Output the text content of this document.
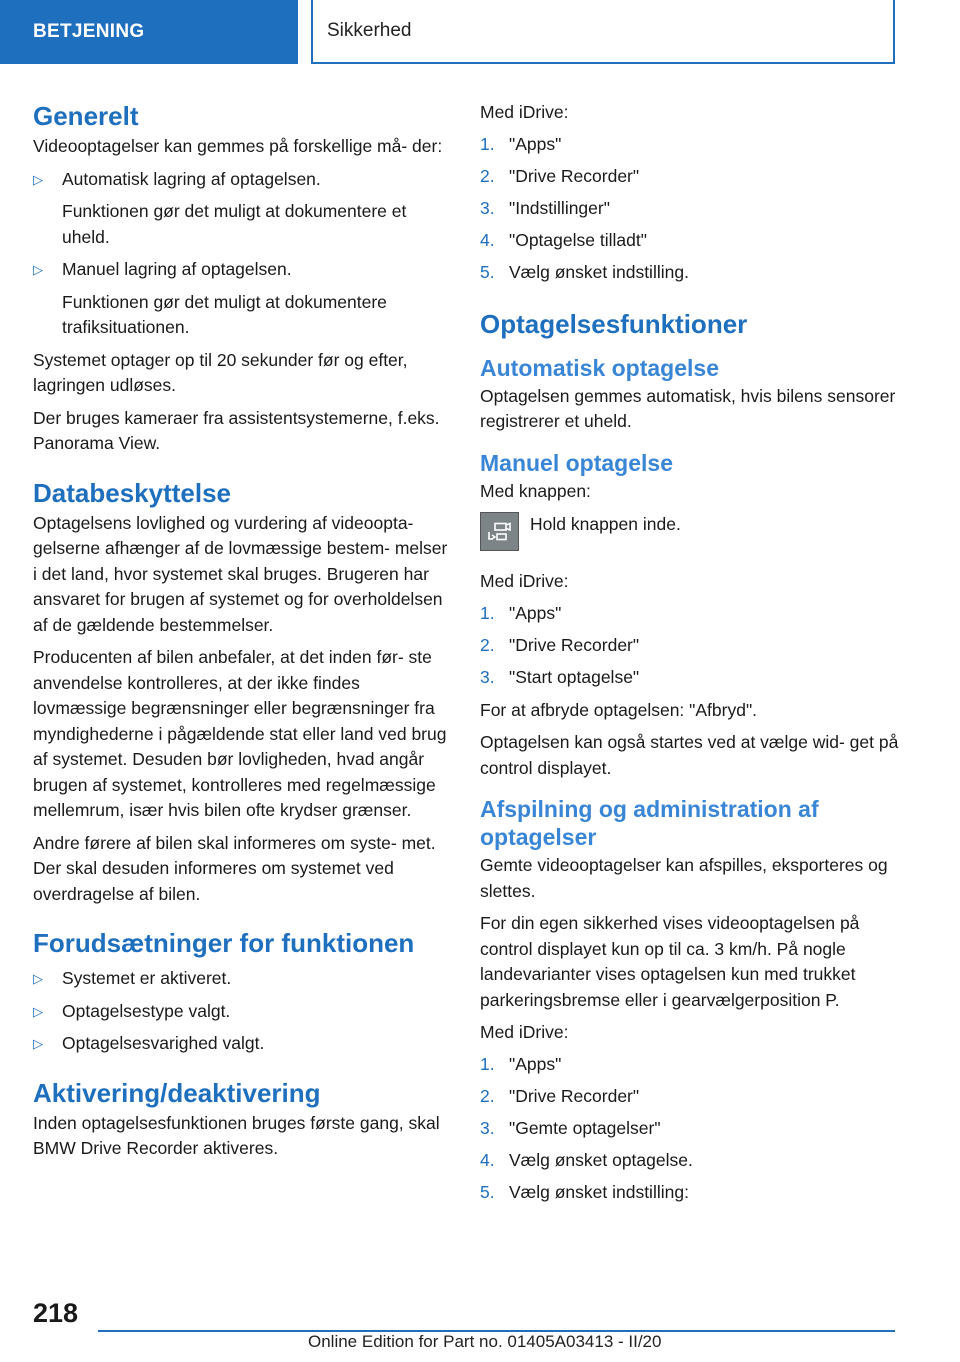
BETJENING	Sikkerhed
Generelt

Videooptagelser kan gemmes på forskellige må- der:

▷ Automatisk lagring af optagelsen.
Funktionen gør det muligt at dokumentere et uheld.
▷ Manuel lagring af optagelsen.
Funktionen gør det muligt at dokumentere trafiksituationen.

Systemet optager op til 20 sekunder før og efter, lagringen udløses.

Der bruges kameraer fra assistentsystemerne, f.eks. Panorama View.

Databeskyttelse

Optagelsens lovlighed og vurdering af videoopta- gelserne afhænger af de lovmæssige bestem- melser i det land, hvor systemet skal bruges. Brugeren har ansvaret for brugen af systemet og for overholdelsen af de gældende bestemmelser.

Producenten af bilen anbefaler, at det inden før- ste anvendelse kontrolleres, at der ikke findes lovmæssige begrænsninger eller begrænsninger fra myndighederne i pågældende stat eller land ved brug af systemet. Desuden bør lovligheden, hvad angår brugen af systemet, kontrolleres med regelmæssige mellemrum, især hvis bilen ofte krydser grænser.

Andre førere af bilen skal informeres om syste- met. Der skal desuden informeres om systemet ved overdragelse af bilen.

Forudsætninger for funktionen
▷ Systemet er aktiveret.
▷ Optagelsestype valgt.
▷ Optagelsesvarighed valgt.
Aktivering/deaktivering

Inden optagelsesfunktionen bruges første gang, skal BMW Drive Recorder aktiveres.

Med iDrive:

1. "Apps"
2. "Drive Recorder"
3. "Indstillinger"
4. "Optagelse tilladt"
5. Vælg ønsket indstilling.
Optagelsesfunktioner
Automatisk optagelse

Optagelsen gemmes automatisk, hvis bilens sensorer registrerer et uheld.

Manuel optagelse

Med knappen:

Hold knappen inde.

Med iDrive:

1. "Apps"
2. "Drive Recorder"
3. "Start optagelse"

For at afbryde optagelsen: "Afbryd".

Optagelsen kan også startes ved at vælge wid- get på control displayet.

Afspilning og administration af optagelser

Gemte videooptagelser kan afspilles, eksporteres og slettes.

For din egen sikkerhed vises videooptagelsen på control displayet kun op til ca. 3 km/h. På nogle landevarianter vises optagelsen kun med trukket parkeringsbremse eller i gearvælgerposition P.

Med iDrive:

1. "Apps"
2. "Drive Recorder"
3. "Gemte optagelser"
4. Vælg ønsket optagelse.
5. Vælg ønsket indstilling:
218
Online Edition for Part no. 01405A03413 - II/20
